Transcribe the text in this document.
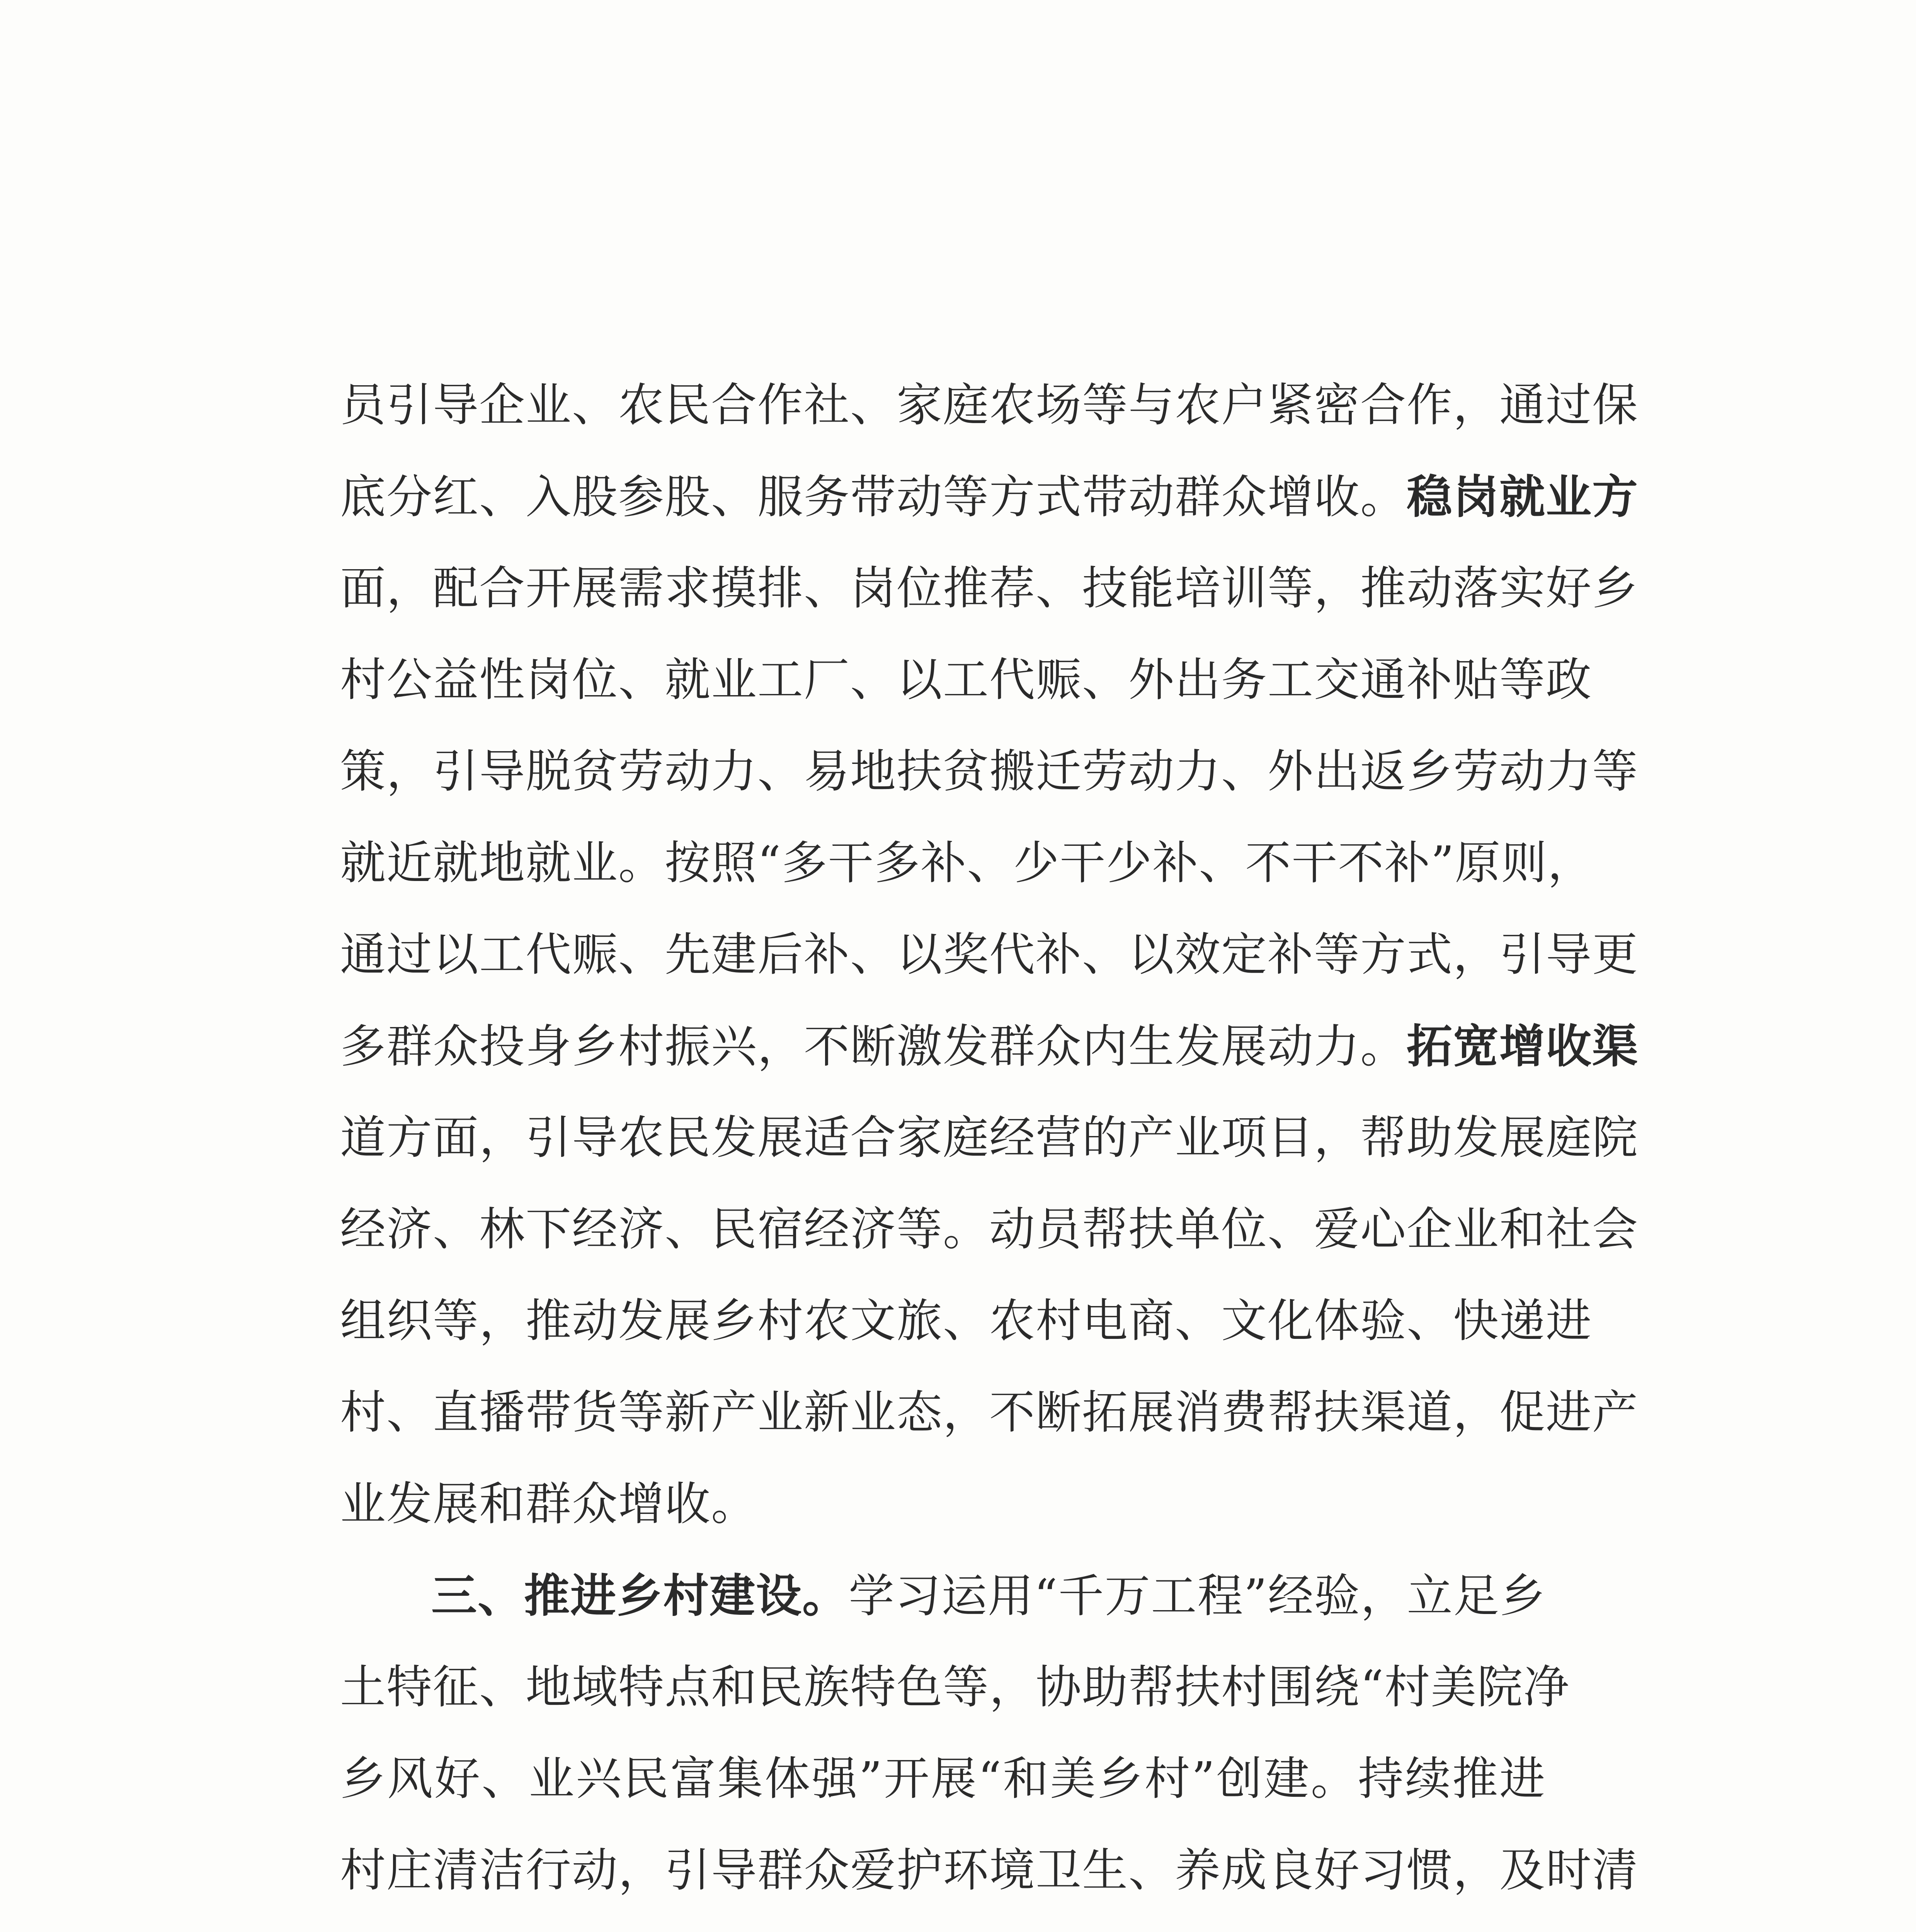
员引导企业、农民合作社、家庭农场等与农户紧密合作，通过保
底分红、入股参股、服务带动等方式带动群众增收。稳岗就业方
面，配合开展需求摸排、岗位推荐、技能培训等，推动落实好乡
村公益性岗位、就业工厂、以工代赈、外出务工交通补贴等政
策，引导脱贫劳动力、易地扶贫搬迁劳动力、外出返乡劳动力等
就近就地就业。按照“多干多补、少干少补、不干不补”原则，
通过以工代赈、先建后补、以奖代补、以效定补等方式，引导更
多群众投身乡村振兴，不断激发群众内生发展动力。拓宽增收渠
道方面，引导农民发展适合家庭经营的产业项目，帮助发展庭院
经济、林下经济、民宿经济等。动员帮扶单位、爱心企业和社会
组织等，推动发展乡村农文旅、农村电商、文化体验、快递进
村、直播带货等新产业新业态，不断拓展消费帮扶渠道，促进产
业发展和群众增收。
三、推进乡村建设。学习运用“千万工程”经验，立足乡
土特征、地域特点和民族特色等，协助帮扶村围绕“村美院净
乡风好、业兴民富集体强”开展“和美乡村”创建。持续推进
村庄清洁行动，引导群众爱护环境卫生、养成良好习惯，及时清
